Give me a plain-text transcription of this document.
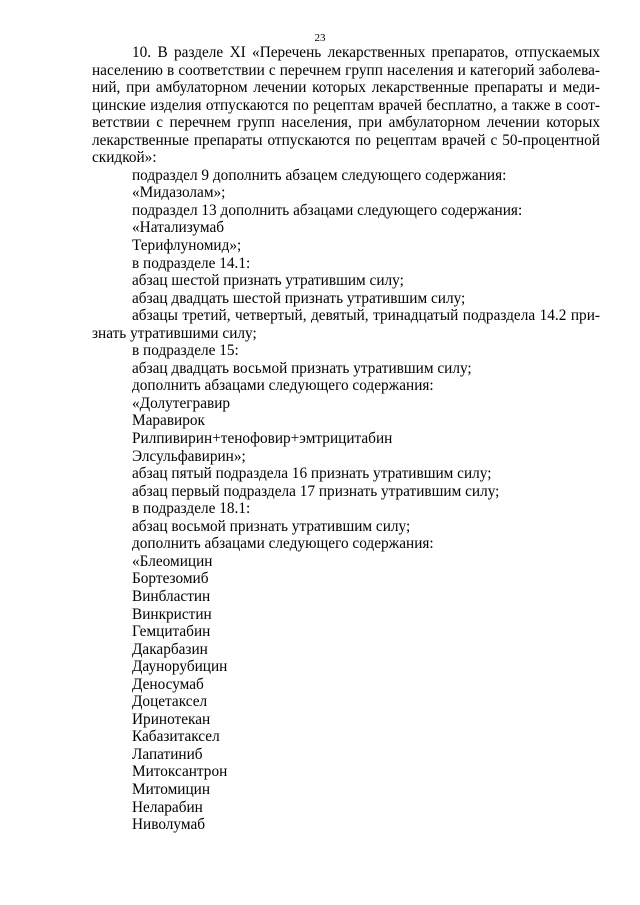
23

10. В разделе XI «Перечень лекарственных препаратов, отпускаемых населению в соответствии с перечнем групп населения и категорий заболеваний, при амбулаторном лечении которых лекарственные препараты и медицинские изделия отпускаются по рецептам врачей бесплатно, а также в соответствии с перечнем групп населения, при амбулаторном лечении которых лекарственные препараты отпускаются по рецептам врачей с 50-процентной скидкой»:

подраздел 9 дополнить абзацем следующего содержания:

«Мидазолам»;

подраздел 13 дополнить абзацами следующего содержания:

«Натализумаб

Терифлуномид»;

в подразделе 14.1:

абзац шестой признать утратившим силу;

абзац двадцать шестой признать утратившим силу;

абзацы третий, четвертый, девятый, тринадцатый подраздела 14.2 признать утратившими силу;

в подразделе 15:

абзац двадцать восьмой признать утратившим силу;

дополнить абзацами следующего содержания:

«Долутегравир

Маравирок

Рилпивирин+тенофовир+эмтрицитабин

Элсульфавирин»;

абзац пятый подраздела 16 признать утратившим силу;

абзац первый подраздела 17 признать утратившим силу;

в подразделе 18.1:

абзац восьмой признать утратившим силу;

дополнить абзацами следующего содержания:

«Блеомицин

Бортезомиб

Винбластин

Винкристин

Гемцитабин

Дакарбазин

Даунорубицин

Деносумаб

Доцетаксел

Иринотекан

Кабазитаксел

Лапатиниб

Митоксантрон

Митомицин

Неларабин

Ниволумаб
